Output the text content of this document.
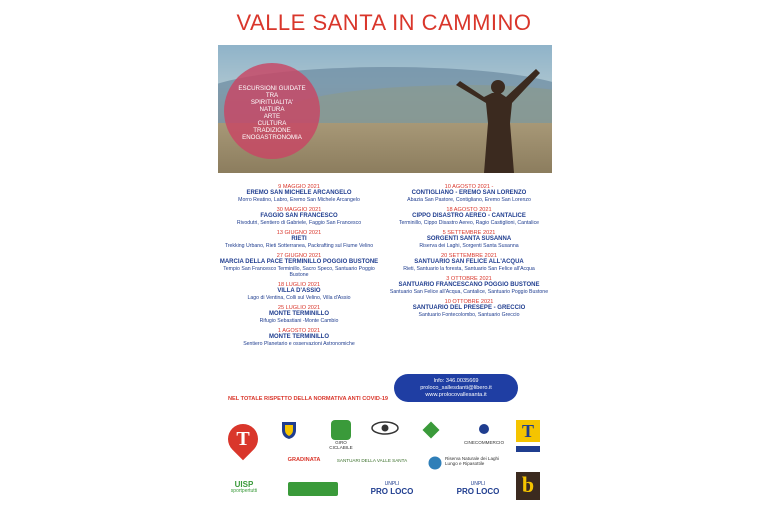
VALLE SANTA IN CAMMINO
ESCURSIONI GUIDATE
TRA
SPIRITUALITA'
NATURA
ARTE
CULTURA
TRADIZIONE
ENOGASTRONOMIA
9 MAGGIO 2021
EREMO SAN MICHELE ARCANGELO
Morro Reatino, Labro, Eremo San Michele Arcangelo
30 MAGGIO 2021
FAGGIO SAN FRANCESCO
Rivodutri, Sentiero di Gabriele, Faggio San Francesco
13 GIUGNO 2021
RIETI
Trekking Urbano, Rieti Sotterranea, Packrafting sul Fiume Velino
27 GIUGNO 2021
MARCIA DELLA PACE TERMINILLO POGGIO BUSTONE
Tempio San Francesco Terminillo, Sacro Speco, Santuario Poggio Bustone
18 LUGLIO 2021
VILLA D'ASSIO
Lago di Ventina, Colli sul Velino, Villa d'Assio
25 LUGLIO 2021
MONTE TERMINILLO
Rifugio Sebastiani -Monte Cambio
1 AGOSTO 2021
MONTE TERMINILLO
Sentiero Planetario e osservazioni Astronomiche
10 AGOSTO 2021 -
CONTIGLIANO - EREMO SAN LORENZO
Abazia San Pastore, Contigliano, Eremo San Lorenzo
18 AGOSTO 2021
CIPPO DISASTRO AEREO - CANTALICE
Terminillo, Cippo Disastro Aereo, Ragio Castiglioni, Cantalice
5 SETTEMBRE 2021
SORGENTI SANTA SUSANNA
Riserva dei Laghi, Sorgenti Santa Susanna
20 SETTEMBRE 2021
SANTUARIO SAN FELICE ALL'ACQUA
Rieti, Santuario la foresta, Santuario San Felice all'Acqua
3 OTTOBRE 2021
SANTUARIO FRANCESCANO POGGIO BUSTONE
Santuario San Felice all'Acqua, Cantalice, Santuario Poggio Bustone
10 OTTOBRE 2021
SANTUARIO DEL PRESEPE - GRECCIO
Santuario Fontecolombo, Santuario Greccio
Info: 346.0035669
proloco_sallesdanti@libero.it
www.prolocovallesanta.it
NEL TOTALE RISPETTO DELLA NORMATIVA ANTI COVID-19
T	GIRO
CICLABILE
CINECOMMERCIO
T
GRADINATA	SANTUARI DELLA VALLE SANTA	Riserva Naturale dei Laghi Lungo e Ripasottile
UISP
sportpertutti
UNPLI
PRO LOCO
UNPLI
PRO LOCO	b
